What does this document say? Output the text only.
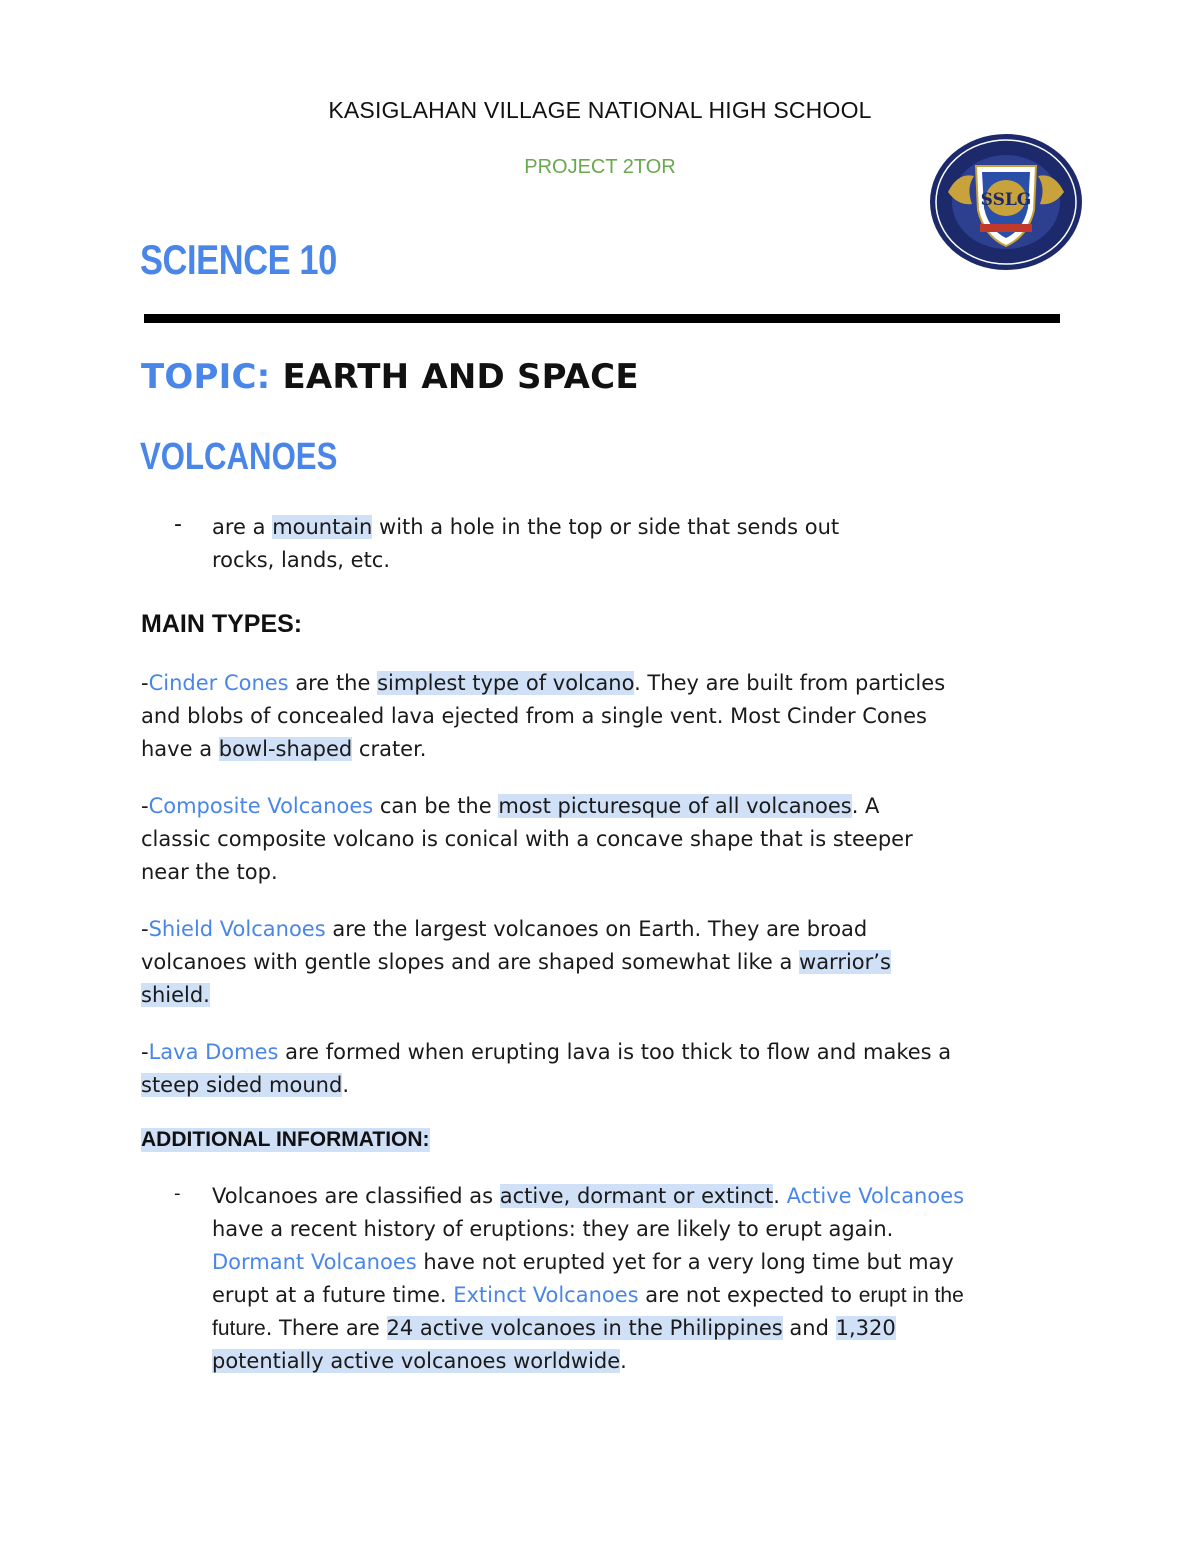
KASIGLAHAN VILLAGE NATIONAL HIGH SCHOOL
PROJECT 2TOR
SSLG
SCIENCE 10
TOPIC: EARTH AND SPACE
VOLCANOES
- are a mountain with a hole in the top or side that sends out
rocks, lands, etc.
MAIN TYPES:
-Cinder Cones are the simplest type of volcano. They are built from particles
and blobs of concealed lava ejected from a single vent. Most Cinder Cones
have a bowl-shaped crater.
-Composite Volcanoes can be the most picturesque of all volcanoes. A
classic composite volcano is conical with a concave shape that is steeper
near the top.
-Shield Volcanoes are the largest volcanoes on Earth. They are broad
volcanoes with gentle slopes and are shaped somewhat like a warrior’s
shield.
-Lava Domes are formed when erupting lava is too thick to flow and makes a
steep sided mound.
ADDITIONAL INFORMATION:
- Volcanoes are classified as active, dormant or extinct. Active Volcanoes
have a recent history of eruptions: they are likely to erupt again.
Dormant Volcanoes have not erupted yet for a very long time but may
erupt at a future time. Extinct Volcanoes are not expected to erupt in the
future. There are 24 active volcanoes in the Philippines and 1,320
potentially active volcanoes worldwide.
